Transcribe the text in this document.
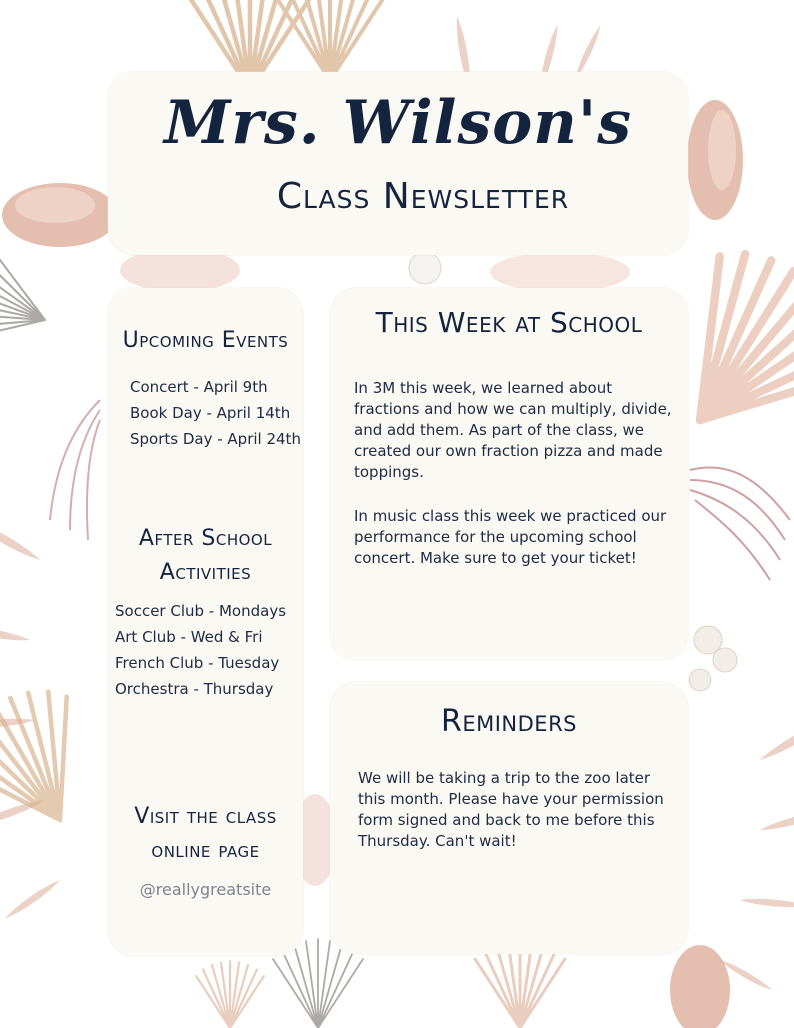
Mrs. Wilson's
Class Newsletter
Upcoming Events
Concert - April 9th
Book Day - April 14th
Sports Day - April 24th
After School Activities
Soccer Club - Mondays
Art Club - Wed & Fri
French Club - Tuesday
Orchestra - Thursday
Visit the class online page
@reallygreatsite
This Week at School

In 3M this week, we learned about fractions and how we can multiply, divide, and add them. As part of the class, we created our own fraction pizza and made toppings.

In music class this week we practiced our performance for the upcoming school concert. Make sure to get your ticket!

Reminders

We will be taking a trip to the zoo later this month. Please have your permission form signed and back to me before this Thursday. Can't wait!
